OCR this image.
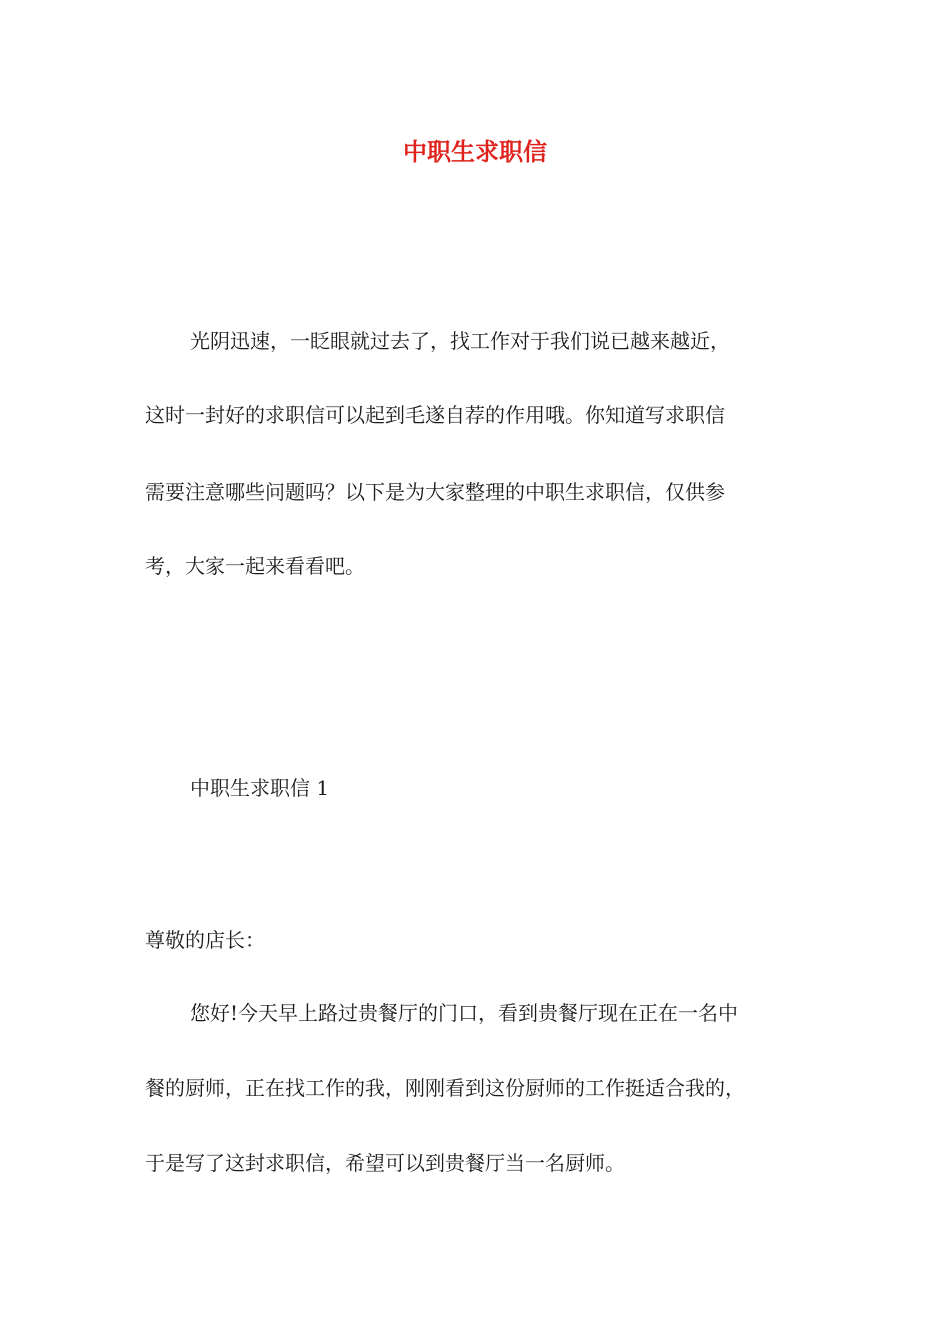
中职生求职信

光阴迅速，一眨眼就过去了，找工作对于我们说已越来越近，

这时一封好的求职信可以起到毛遂自荐的作用哦。你知道写求职信

需要注意哪些问题吗？以下是为大家整理的中职生求职信，仅供参

考，大家一起来看看吧。

中职生求职信 1

尊敬的店长：

您好!今天早上路过贵餐厅的门口，看到贵餐厅现在正在一名中

餐的厨师，正在找工作的我，刚刚看到这份厨师的工作挺适合我的，

于是写了这封求职信，希望可以到贵餐厅当一名厨师。
